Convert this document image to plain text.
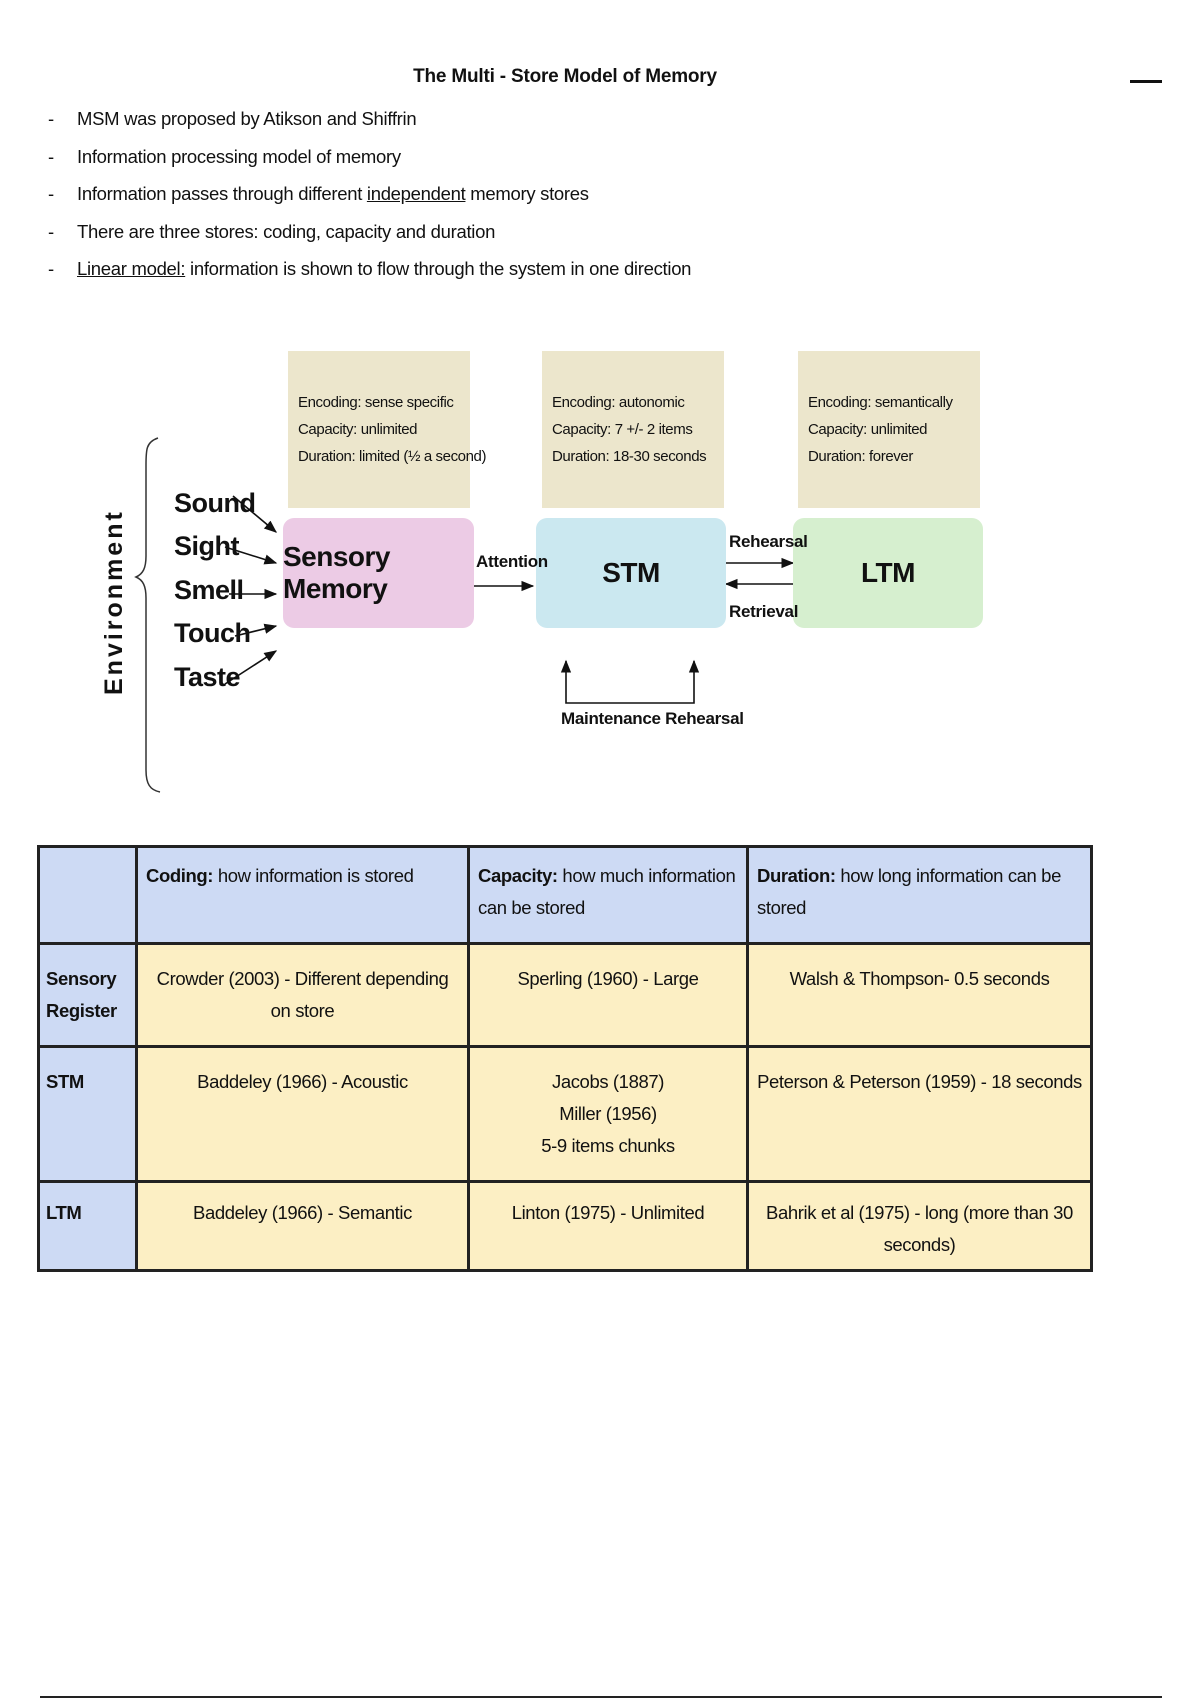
The Multi - Store Model of Memory
- MSM was proposed by Atikson and Shiffrin
- Information processing model of memory
- Information passes through different independent memory stores
- There are three stores: coding, capacity and duration
- Linear model: information is shown to flow through the system in one direction
Environment
Sound
Sight
Smell
Touch
Taste
Encoding: sense specific
Capacity: unlimited
Duration: limited (½ a second)
Encoding: autonomic
Capacity: 7 +/- 2 items
Duration: 18-30 seconds
Encoding: semantically
Capacity: unlimited
Duration: forever
Sensory Memory
STM	LTM
Attention
Rehearsal
Retrieval
Maintenance Rehearsal
	Coding: how information is stored	Capacity: how much information can be stored	Duration: how long information can be stored

Sensory
Register	Crowder (2003) - Different depending on store	Sperling (1960) - Large	Walsh & Thompson- 0.5 seconds

STM	Baddeley (1966) - Acoustic	Jacobs (1887)
Miller (1956)
5-9 items chunks	Peterson & Peterson (1959) - 18 seconds

LTM	Baddeley (1966) - Semantic	Linton (1975) - Unlimited	Bahrik et al (1975) - long (more than 30 seconds)
